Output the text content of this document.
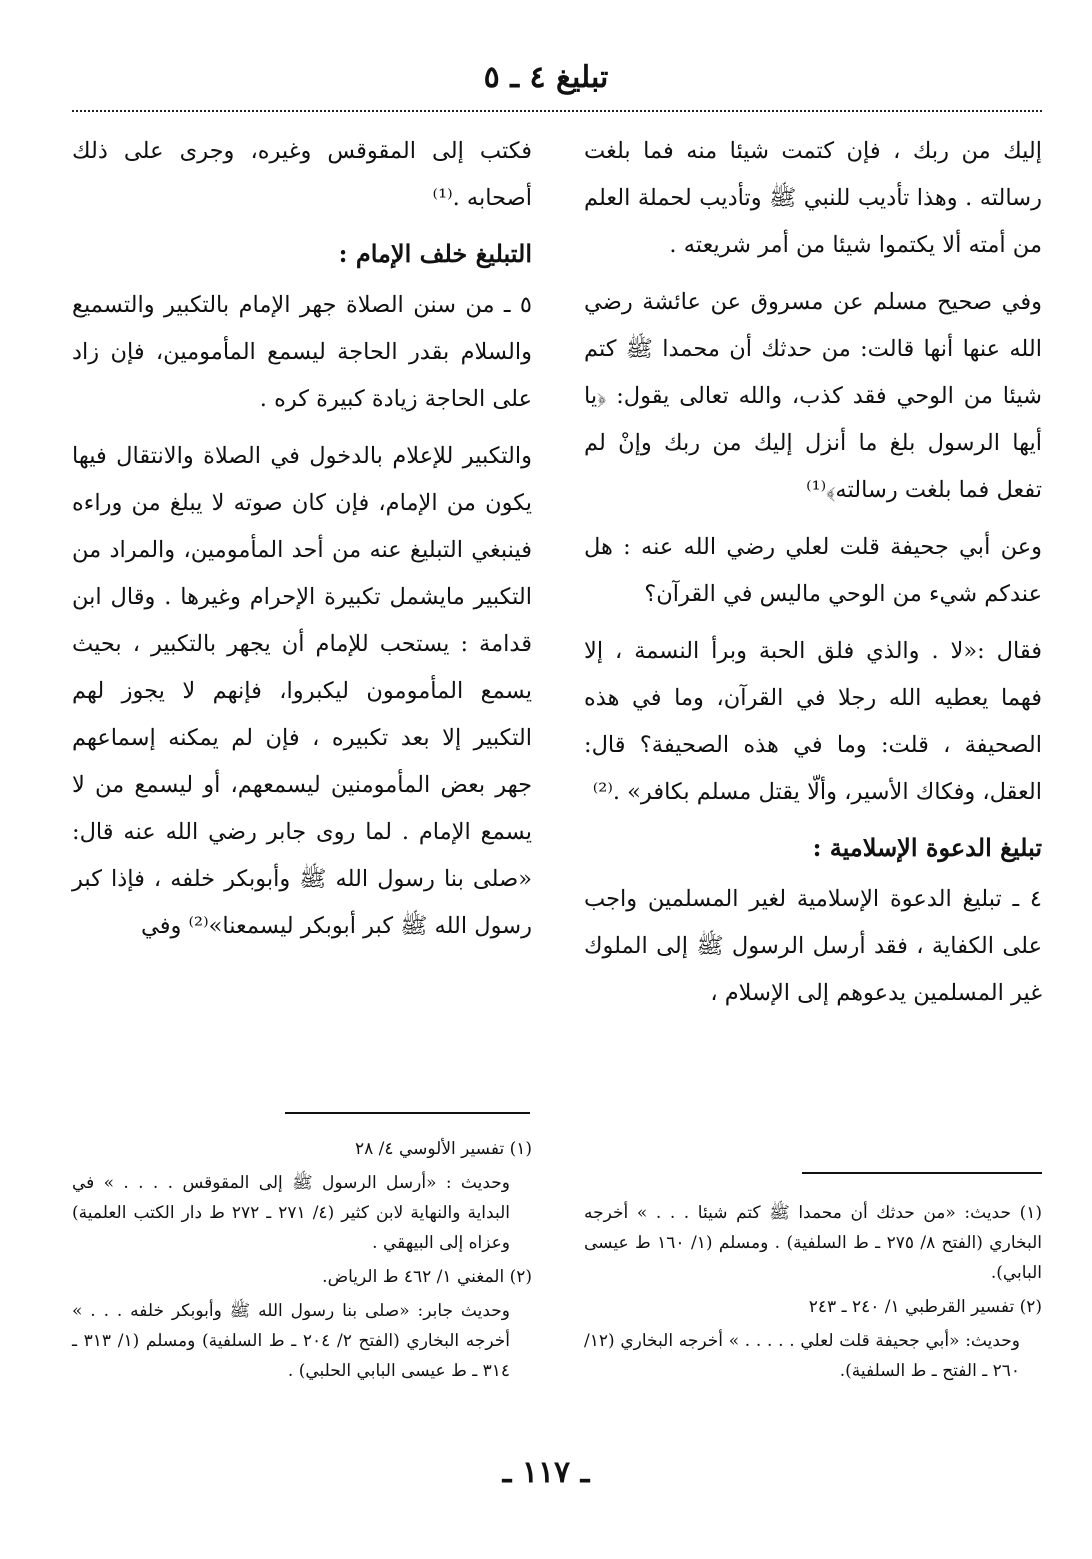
تبليغ ٤ ـ ٥

إليك من ربك ، فإن كتمت شيئا منه فما بلغت رسالته . وهذا تأديب للنبي ﷺ وتأديب لحملة العلم من أمته ألا يكتموا شيئا من أمر شريعته .

وفي صحيح مسلم عن مسروق عن عائشة رضي الله عنها أنها قالت: من حدثك أن محمدا ﷺ كتم شيئا من الوحي فقد كذب، والله تعالى يقول: ﴿يا أيها الرسول بلغ ما أنزل إليك من ربك وإنْ لم تفعل فما بلغت رسالته﴾⁽¹⁾

وعن أبي جحيفة قلت لعلي رضي الله عنه : هل عندكم شيء من الوحي ماليس في القرآن؟

فقال :«لا . والذي فلق الحبة وبرأ النسمة ، إلا فهما يعطيه الله رجلا في القرآن، وما في هذه الصحيفة ، قلت: وما في هذه الصحيفة؟ قال: العقل، وفكاك الأسير، وألّا يقتل مسلم بكافر» .⁽²⁾

تبليغ الدعوة الإسلامية :

٤ ـ تبليغ الدعوة الإسلامية لغير المسلمين واجب على الكفاية ، فقد أرسل الرسول ﷺ إلى الملوك غير المسلمين يدعوهم إلى الإسلام ،

فكتب إلى المقوقس وغيره، وجرى على ذلك أصحابه .⁽¹⁾

التبليغ خلف الإمام :

٥ ـ من سنن الصلاة جهر الإمام بالتكبير والتسميع والسلام بقدر الحاجة ليسمع المأمومين، فإن زاد على الحاجة زيادة كبيرة كره .

والتكبير للإعلام بالدخول في الصلاة والانتقال فيها يكون من الإمام، فإن كان صوته لا يبلغ من وراءه فينبغي التبليغ عنه من أحد المأمومين، والمراد من التكبير مايشمل تكبيرة الإحرام وغيرها . وقال ابن قدامة : يستحب للإمام أن يجهر بالتكبير ، بحيث يسمع المأمومون ليكبروا، فإنهم لا يجوز لهم التكبير إلا بعد تكبيره ، فإن لم يمكنه إسماعهم جهر بعض المأمومنين ليسمعهم، أو ليسمع من لا يسمع الإمام . لما روى جابر رضي الله عنه قال: «صلى بنا رسول الله ﷺ وأبوبكر خلفه ، فإذا كبر رسول الله ﷺ كبر أبوبكر ليسمعنا»⁽²⁾ وفي

(١) حديث: «من حدثك أن محمدا ﷺ كتم شيئا . . . » أخرجه البخاري (الفتح ٨/ ٢٧٥ ـ ط السلفية) . ومسلم (١/ ١٦٠ ط عيسى البابي).

(٢) تفسير القرطبي ١/ ٢٤٠ ـ ٢٤٣

وحديث: «أبي جحيفة قلت لعلي . . . . . » أخرجه البخاري (١٢/ ٢٦٠ ـ الفتح ـ ط السلفية).

(١) تفسير الألوسي ٤/ ٢٨

وحديث : «أرسل الرسول ﷺ إلى المقوقس . . . . » في البداية والنهاية لابن كثير (٤/ ٢٧١ ـ ٢٧٢ ط دار الكتب العلمية) وعزاه إلى البيهقي .

(٢) المغني ١/ ٤٦٢ ط الرياض.

وحديث جابر: «صلى بنا رسول الله ﷺ وأبوبكر خلفه . . . » أخرجه البخاري (الفتح ٢/ ٢٠٤ ـ ط السلفية) ومسلم (١/ ٣١٣ ـ ٣١٤ ـ ط عيسى البابي الحلبي) .

ـ ١١٧ ـ
